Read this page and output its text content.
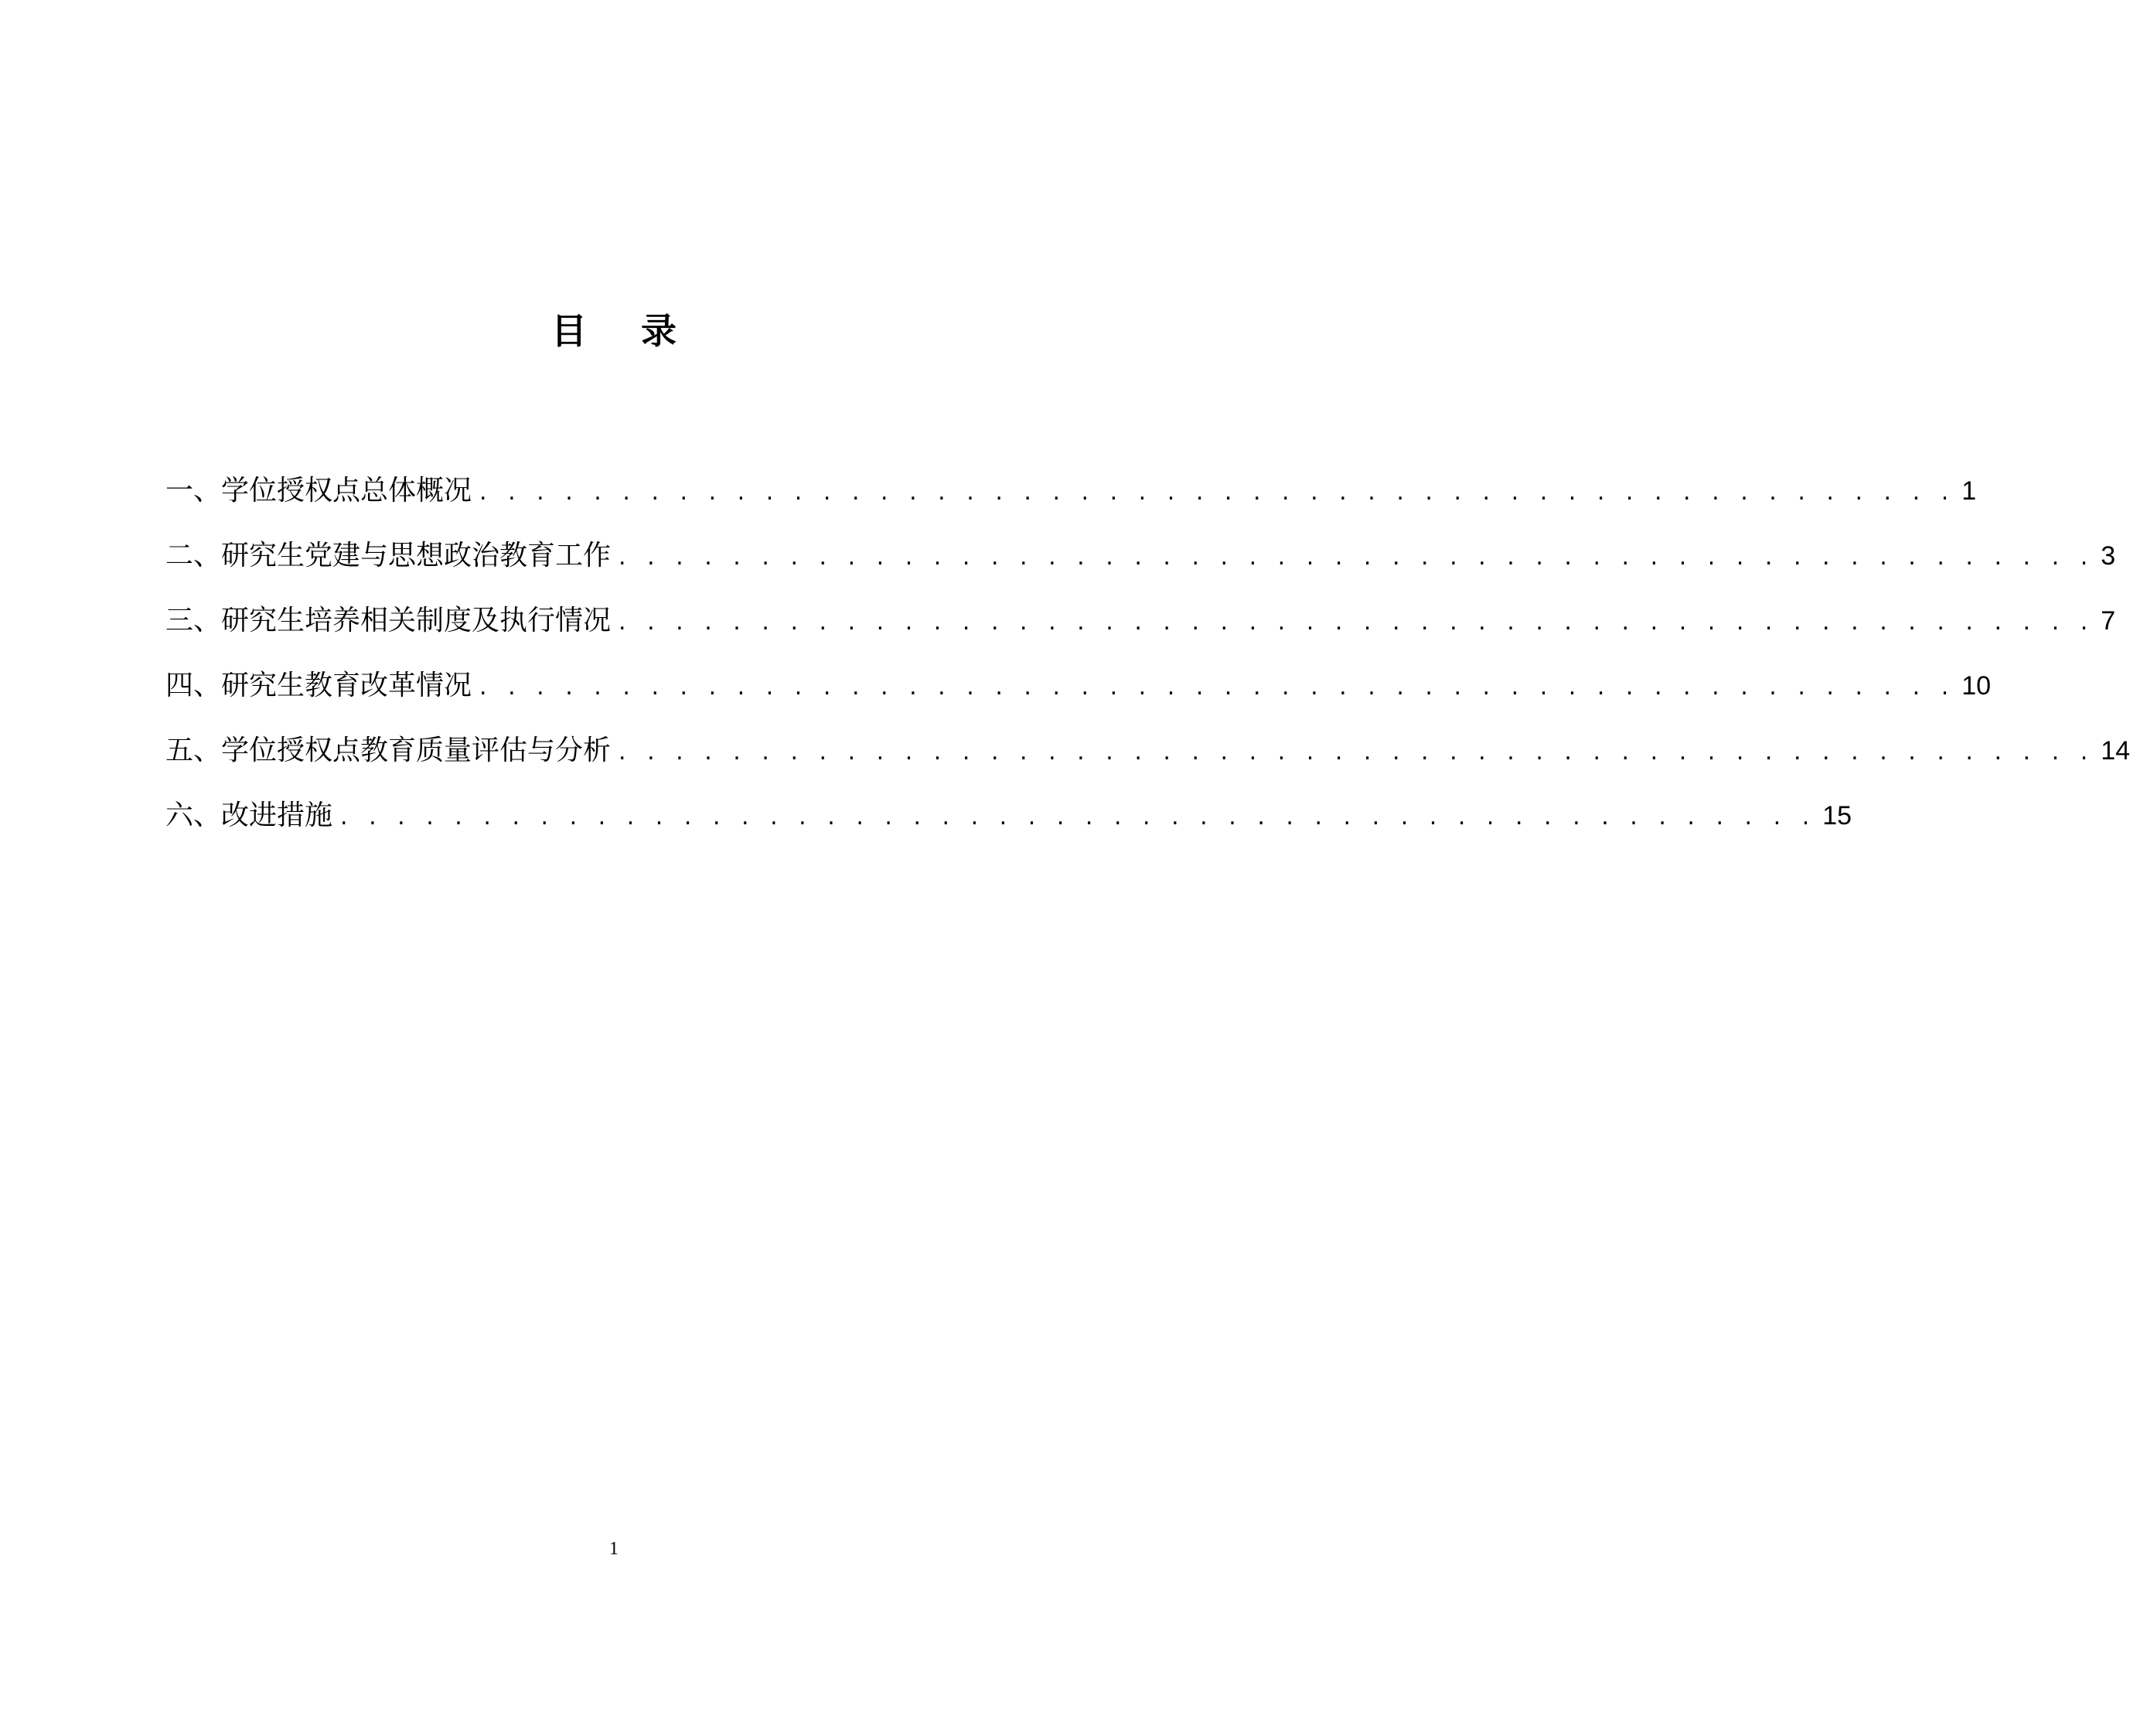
目录
一、学位授权点总体概况 . . . . . . . . . . . . . . . . . . . . . . . . . . . . . . . . . . . . . . . . . . . . . . . . . . . . 1
二、研究生党建与思想政治教育工作 . . . . . . . . . . . . . . . . . . . . . . . . . . . . . . . . . . . . . . . . . . . . . . . . . . . . 3
三、研究生培养相关制度及执行情况 . . . . . . . . . . . . . . . . . . . . . . . . . . . . . . . . . . . . . . . . . . . . . . . . . . . . 7
四、研究生教育改革情况 . . . . . . . . . . . . . . . . . . . . . . . . . . . . . . . . . . . . . . . . . . . . . . . . . . . . 10
五、学位授权点教育质量评估与分析 . . . . . . . . . . . . . . . . . . . . . . . . . . . . . . . . . . . . . . . . . . . . . . . . . . . . 14
六、改进措施 . . . . . . . . . . . . . . . . . . . . . . . . . . . . . . . . . . . . . . . . . . . . . . . . . . . . 15

1
